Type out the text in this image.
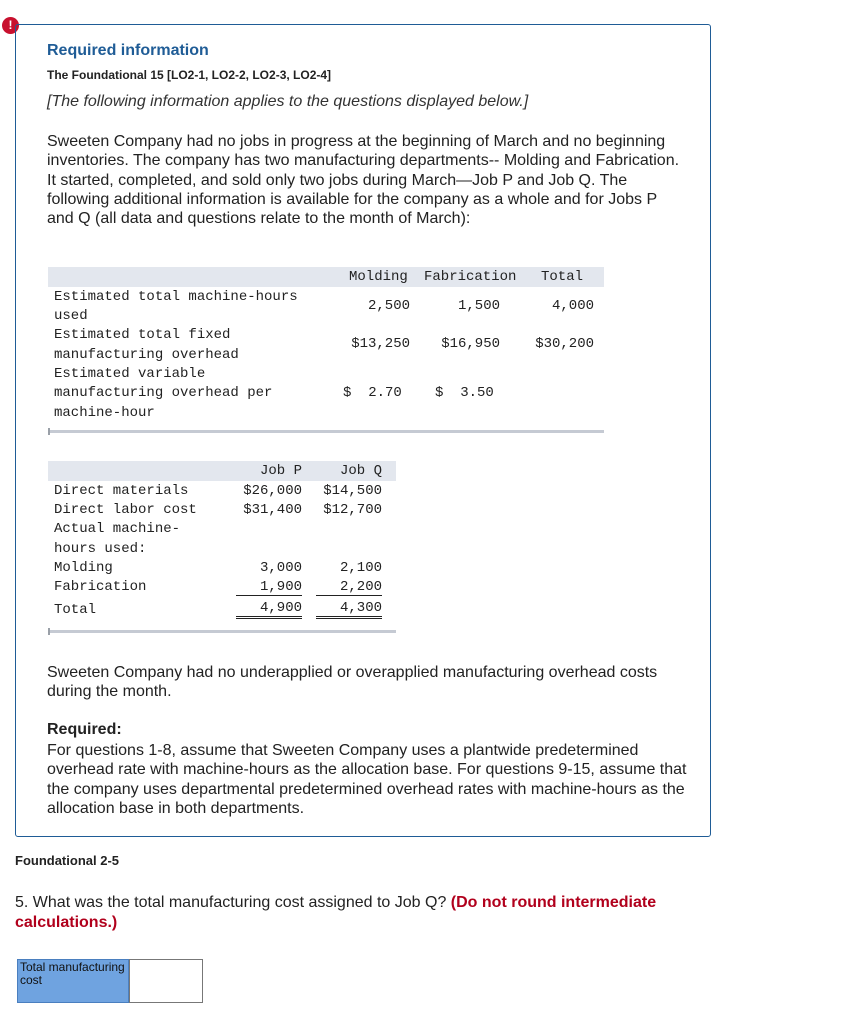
!
Required information
The Foundational 15 [LO2-1, LO2-2, LO2-3, LO2-4]
[The following information applies to the questions displayed below.]

Sweeten Company had no jobs in progress at the beginning of March and no beginning inventories. The company has two manufacturing departments-- Molding and Fabrication. It started, completed, and sold only two jobs during March—Job P and Job Q. The following additional information is available for the company as a whole and for Jobs P and Q (all data and questions relate to the month of March):

Molding Fabrication Total
Estimated total machine-hours
used
2,500	1,500	4,000
Estimated total fixed
manufacturing overhead
$13,250	$16,950	$30,200
Estimated variable
manufacturing overhead per
machine-hour
$  2.70 $  3.50
Job P	Job Q
Direct materials	$26,000	$14,500
Direct labor cost	$31,400	$12,700
Actual machine-
hours used:
Molding	3,000	2,100
Fabrication	1,900	2,200
Total	4,900	4,300

Sweeten Company had no underapplied or overapplied manufacturing overhead costs during the month.

Required:

For questions 1-8, assume that Sweeten Company uses a plantwide predetermined overhead rate with machine-hours as the allocation base. For questions 9-15, assume that the company uses departmental predetermined overhead rates with machine-hours as the allocation base in both departments.

Foundational 2-5

5. What was the total manufacturing cost assigned to Job Q? (Do not round intermediate calculations.)

Total manufacturing cost
